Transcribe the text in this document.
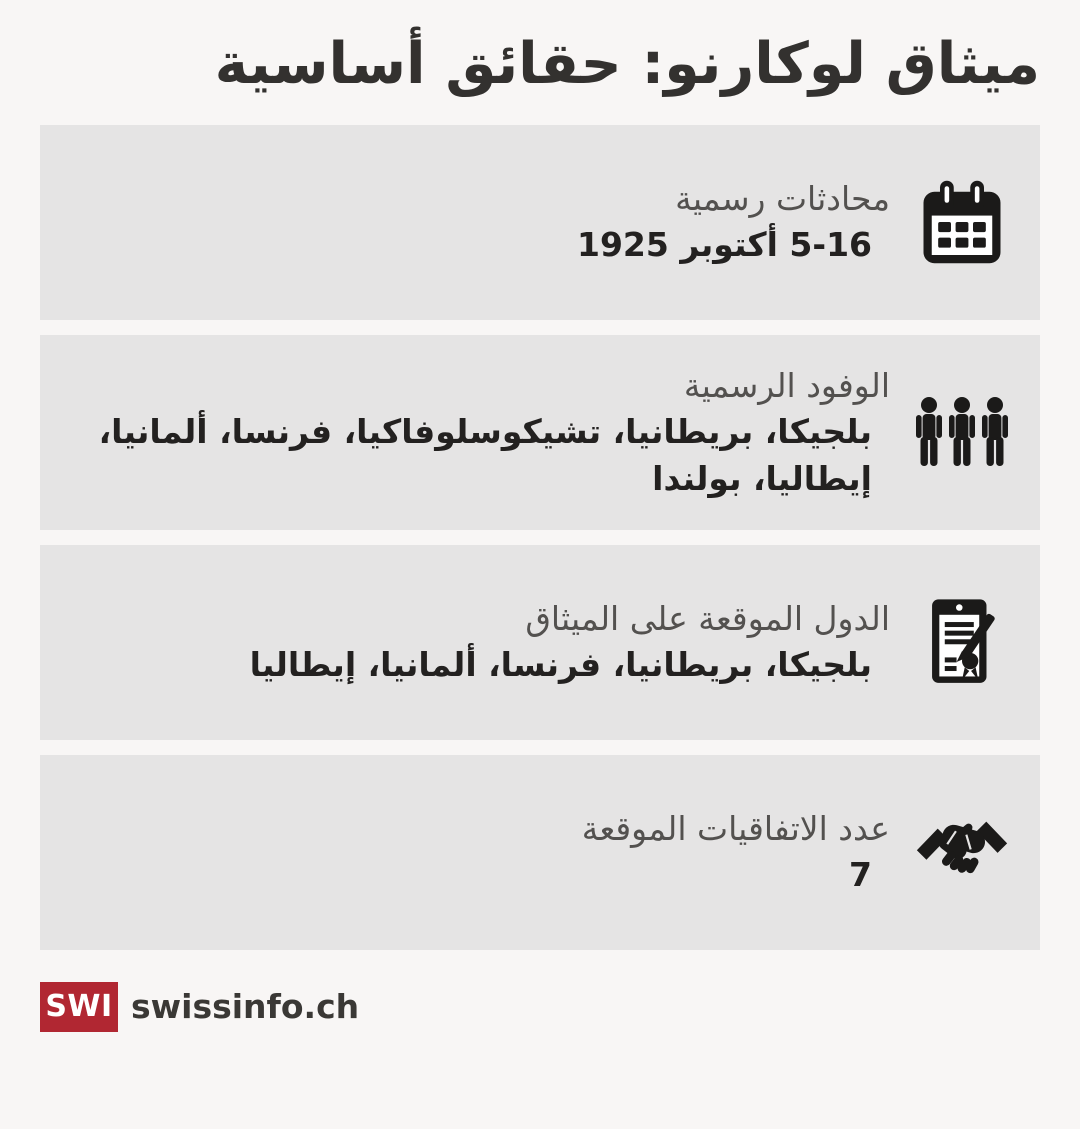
ميثاق لوكارنو: حقائق أساسية
محادثات رسمية
5-16 أكتوبر 1925
الوفود الرسمية
بلجيكا، بريطانيا، تشيكوسلوفاكيا، فرنسا، ألمانيا، إيطاليا، بولندا
الدول الموقعة على الميثاق
بلجيكا، بريطانيا، فرنسا، ألمانيا، إيطاليا
عدد الاتفاقيات الموقعة
7
SWI swissinfo.ch
